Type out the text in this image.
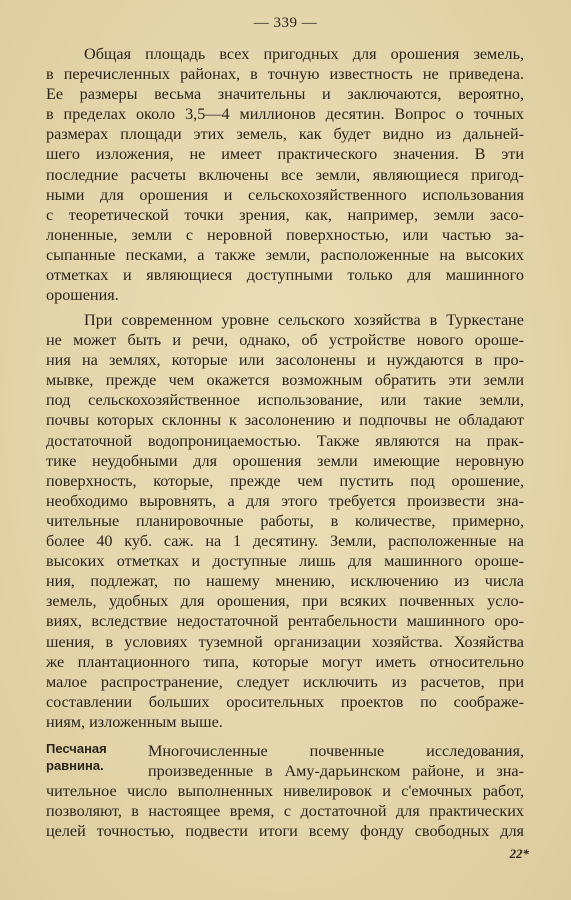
— 339 —
Общая площадь всех пригодных для орошения земель,
в перечисленных районах, в точную известность не приведена.
Ее размеры весьма значительны и заключаются, вероятно,
в пределах около 3,5—4 миллионов десятин. Вопрос о точных
размерах площади этих земель, как будет видно из дальней-
шего изложения, не имеет практического значения. В эти
последние расчеты включены все земли, являющиеся пригод-
ными для орошения и сельскохозяйственного использования
с теоретической точки зрения, как, например, земли засо-
лоненные, земли с неровной поверхностью, или частью за-
сыпанные песками, а также земли, расположенные на высоких
отметках и являющиеся доступными только для машинного
орошения.
При современном уровне сельского хозяйства в Туркестане
не может быть и речи, однако, об устройстве нового ороше-
ния на землях, которые или засолонены и нуждаются в про-
мывке, прежде чем окажется возможным обратить эти земли
под сельскохозяйственное использование, или такие земли,
почвы которых склонны к засолонению и подпочвы не обладают
достаточной водопроницаемостью. Также являются на прак-
тике неудобными для орошения земли имеющие неровную
поверхность, которые, прежде чем пустить под орошение,
необходимо выровнять, а для этого требуется произвести зна-
чительные планировочные работы, в количестве, примерно,
более 40 куб. саж. на 1 десятину. Земли, расположенные на
высоких отметках и доступные лишь для машинного ороше-
ния, подлежат, по нашему мнению, исключению из числа
земель, удобных для орошения, при всяких почвенных усло-
виях, вследствие недостаточной рентабельности машинного оро-
шения, в условиях туземной организации хозяйства. Хозяйства
же плантационного типа, которые могут иметь относительно
малое распространение, следует исключить из расчетов, при
составлении больших оросительных проектов по соображе-
ниям, изложенным выше.
Песчаная
равнина.
Многочисленные почвенные исследования,
произведенные в Аму-дарьинском районе, и зна-
чительное число выполненных нивелировок и с'емочных работ,
позволяют, в настоящее время, с достаточной для практических
целей точностью, подвести итоги всему фонду свободных для
22*
